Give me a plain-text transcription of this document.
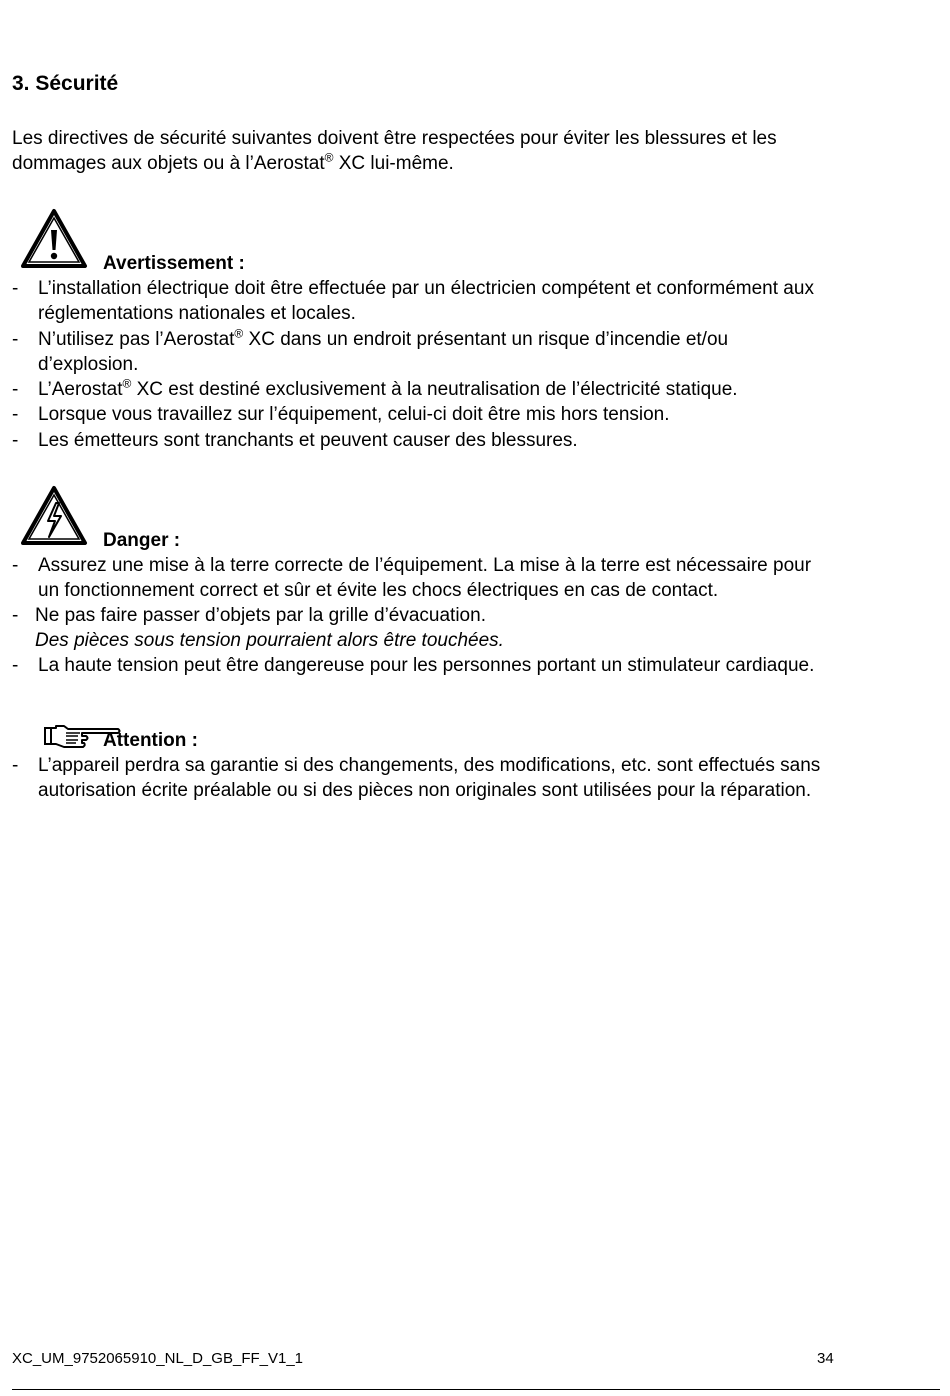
3. Sécurité
Les directives de sécurité suivantes doivent être respectées pour éviter les blessures et les
dommages aux objets ou à l’Aerostat® XC lui-même.
Avertissement :
- L’installation électrique doit être effectuée par un électricien compétent et conformément aux
réglementations nationales et locales.
- N’utilisez pas l’Aerostat® XC dans un endroit présentant un risque d’incendie et/ou
d’explosion.
- L’Aerostat® XC est destiné exclusivement à la neutralisation de l’électricité statique.
- Lorsque vous travaillez sur l’équipement, celui-ci doit être mis hors tension.
- Les émetteurs sont tranchants et peuvent causer des blessures.
Danger :
- Assurez une mise à la terre correcte de l’équipement. La mise à la terre est nécessaire pour
un fonctionnement correct et sûr et évite les chocs électriques en cas de contact.
- Ne pas faire passer d’objets par la grille d’évacuation.
Des pièces sous tension pourraient alors être touchées.
- La haute tension peut être dangereuse pour les personnes portant un stimulateur cardiaque.
Attention :
- L’appareil perdra sa garantie si des changements, des modifications, etc. sont effectués sans
autorisation écrite préalable ou si des pièces non originales sont utilisées pour la réparation.
XC_UM_9752065910_NL_D_GB_FF_V1_1	34
